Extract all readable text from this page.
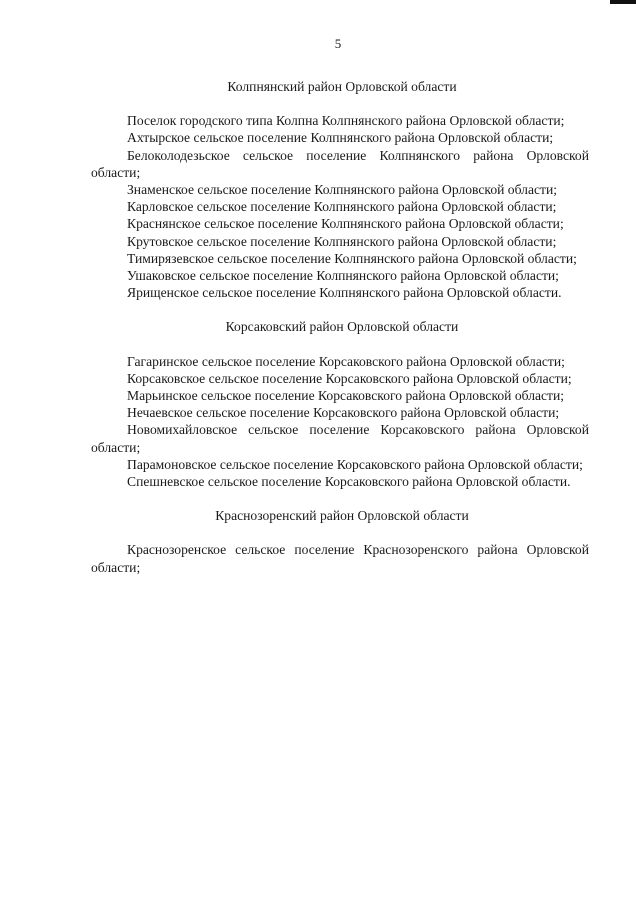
5

Колпнянский район Орловской области

Поселок городского типа Колпна Колпнянского района Орловской области;

Ахтырское сельское поселение Колпнянского района Орловской области;

Белоколодезьское сельское поселение Колпнянского района Орловской области;

Знаменское сельское поселение Колпнянского района Орловской области;

Карловское сельское поселение Колпнянского района Орловской области;

Краснянское сельское поселение Колпнянского района Орловской области;

Крутовское сельское поселение Колпнянского района Орловской области;

Тимирязевское сельское поселение Колпнянского района Орловской области;

Ушаковское сельское поселение Колпнянского района Орловской области;

Ярищенское сельское поселение Колпнянского района Орловской области.

Корсаковский район Орловской области

Гагаринское сельское поселение Корсаковского района Орловской области;

Корсаковское сельское поселение Корсаковского района Орловской области;

Марьинское сельское поселение Корсаковского района Орловской области;

Нечаевское сельское поселение Корсаковского района Орловской области;

Новомихайловское сельское поселение Корсаковского района Орловской области;

Парамоновское сельское поселение Корсаковского района Орловской области;

Спешневское сельское поселение Корсаковского района Орловской области.

Краснозоренский район Орловской области

Краснозоренское сельское поселение Краснозоренского района Орловской области;
